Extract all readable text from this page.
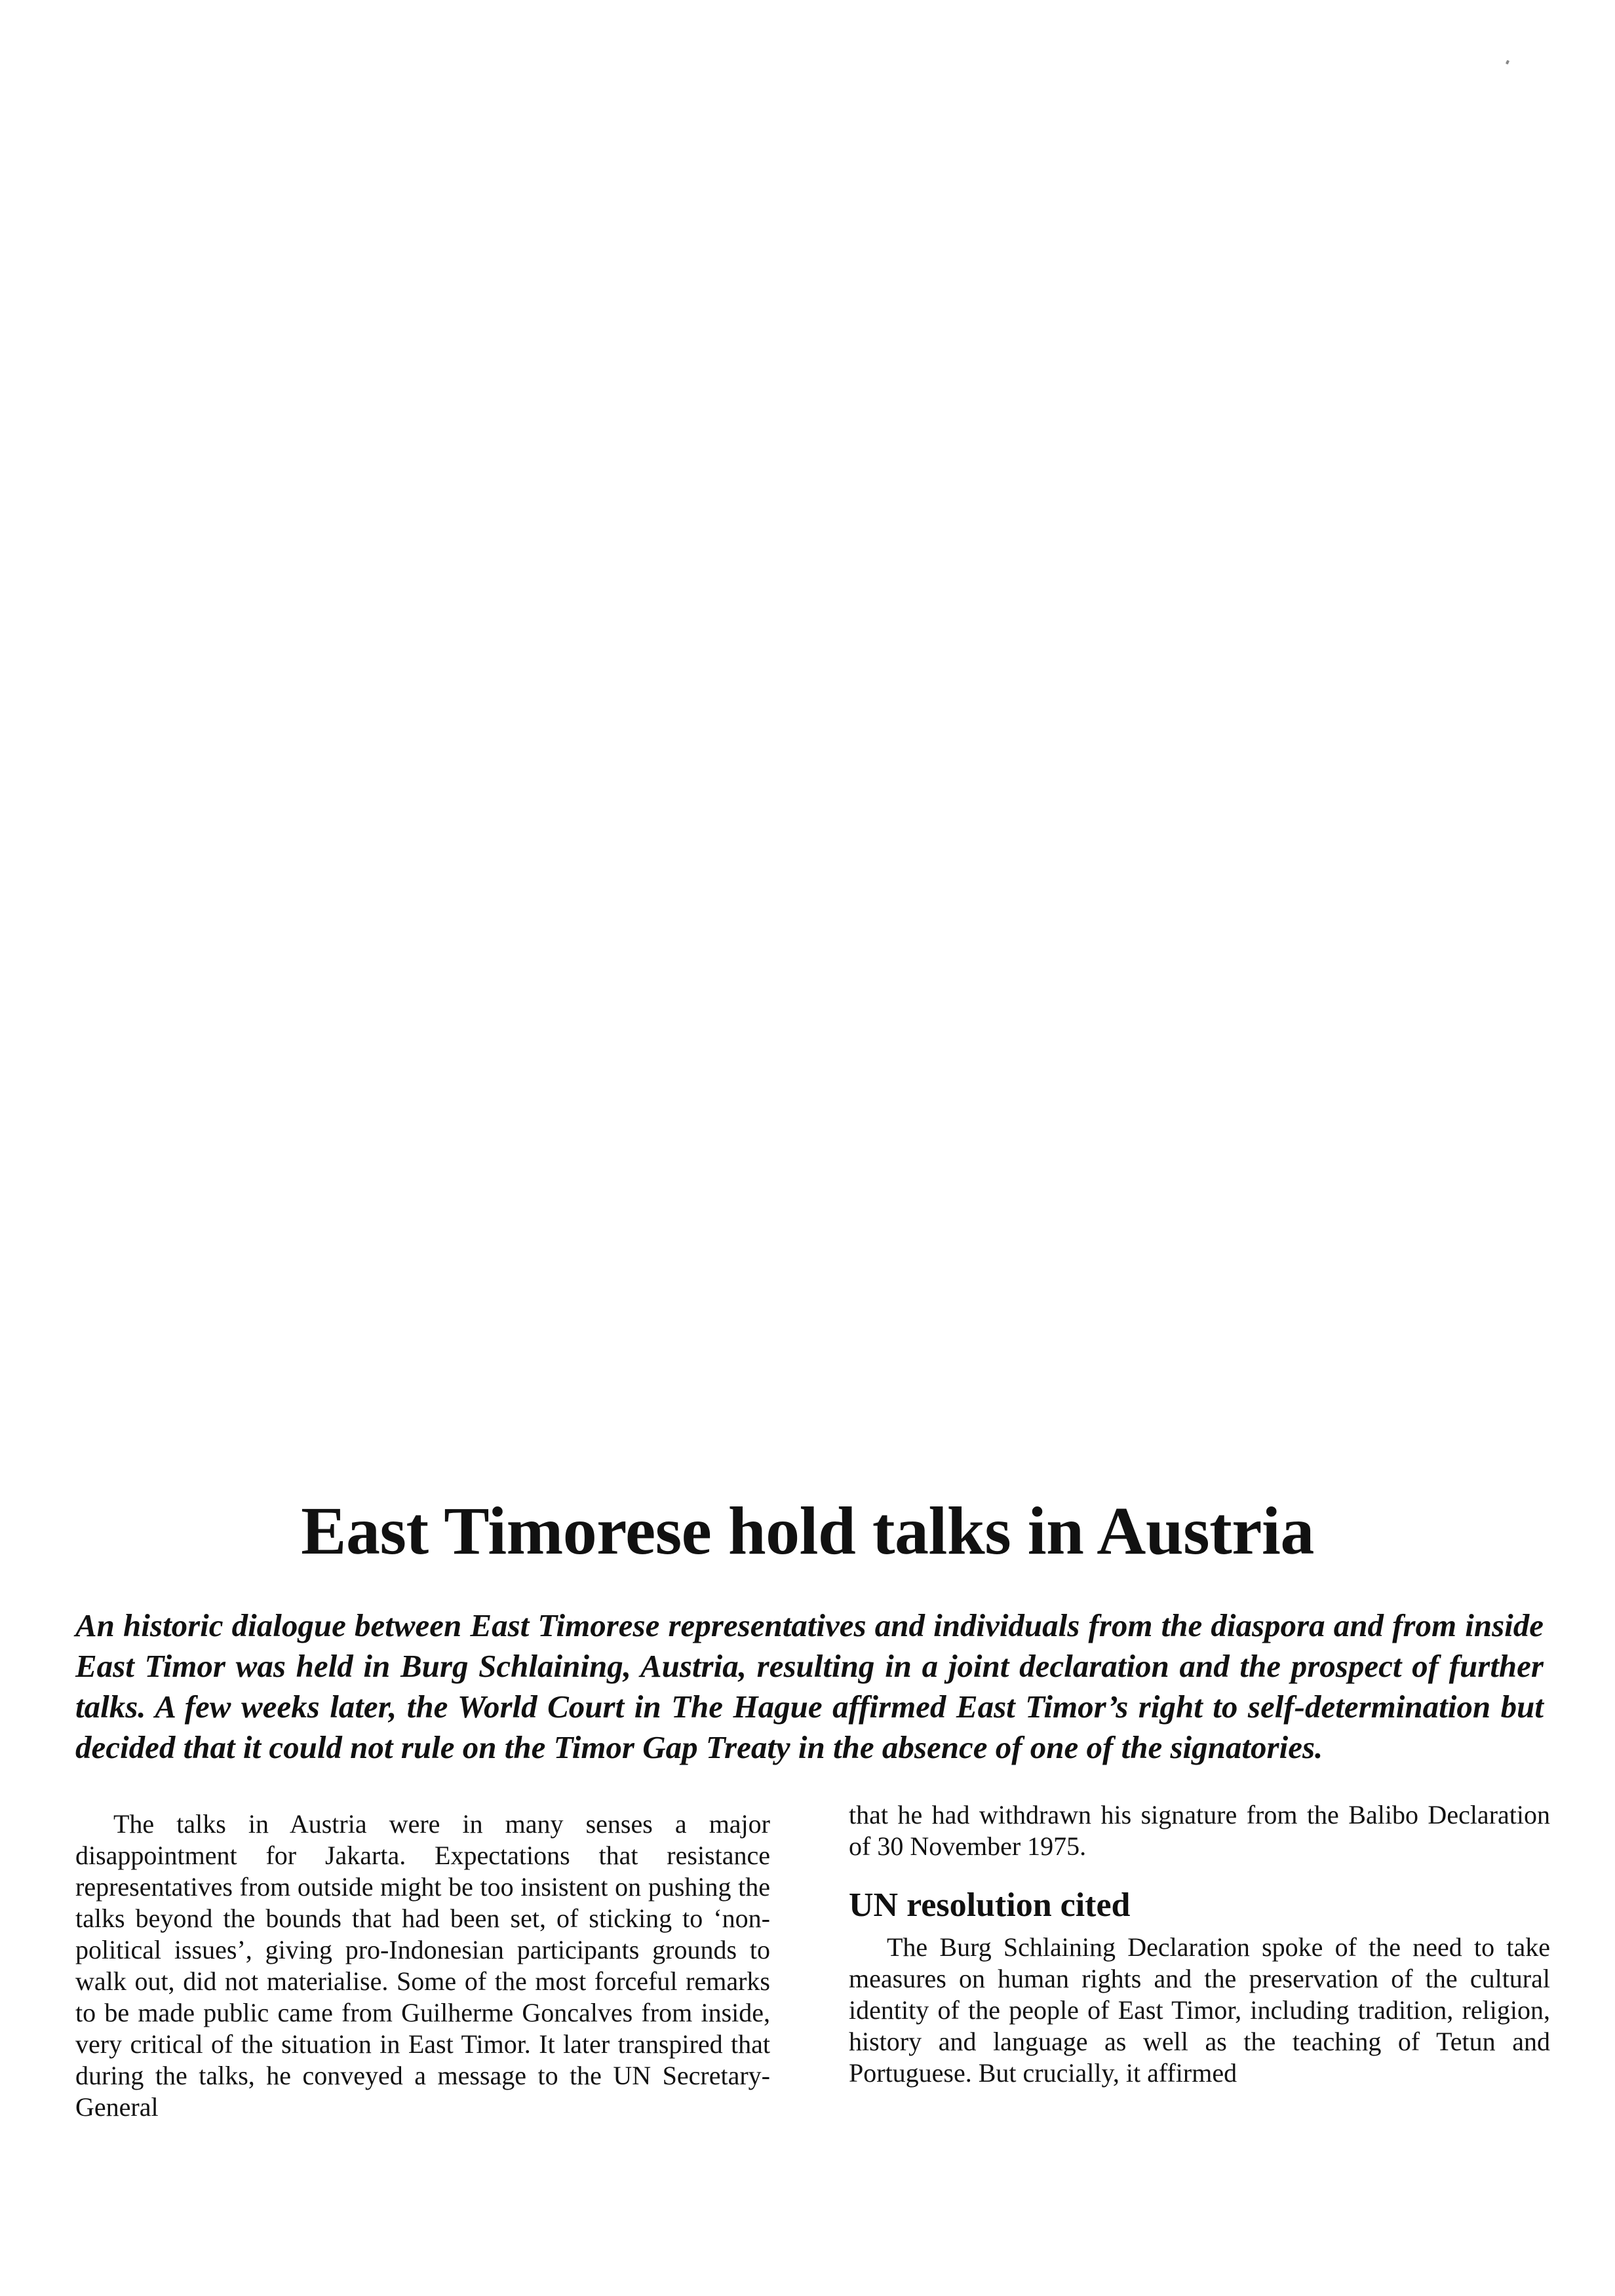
East Timorese hold talks in Austria

An historic dialogue between East Timorese representatives and individuals from the diaspora and from inside East Timor was held in Burg Schlaining, Austria, resulting in a joint declaration and the prospect of further talks. A few weeks later, the World Court in The Hague affirmed East Timor’s right to self-determination but decided that it could not rule on the Timor Gap Treaty in the absence of one of the signatories.

The talks in Austria were in many senses a major disappointment for Jakarta. Expectations that resistance representatives from outside might be too insistent on pushing the talks beyond the bounds that had been set, of sticking to ‘non-political issues’, giving pro-Indonesian participants grounds to walk out, did not materialise. Some of the most forceful remarks to be made public came from Guilherme Goncalves from inside, very critical of the situation in East Timor. It later transpired that during the talks, he conveyed a message to the UN Secretary-General

that he had withdrawn his signature from the Balibo Declaration of 30 November 1975.

UN resolution cited

The Burg Schlaining Declaration spoke of the need to take measures on human rights and the preservation of the cultural identity of the people of East Timor, including tradition, religion, history and language as well as the teaching of Tetun and Portuguese. But crucially, it affirmed
